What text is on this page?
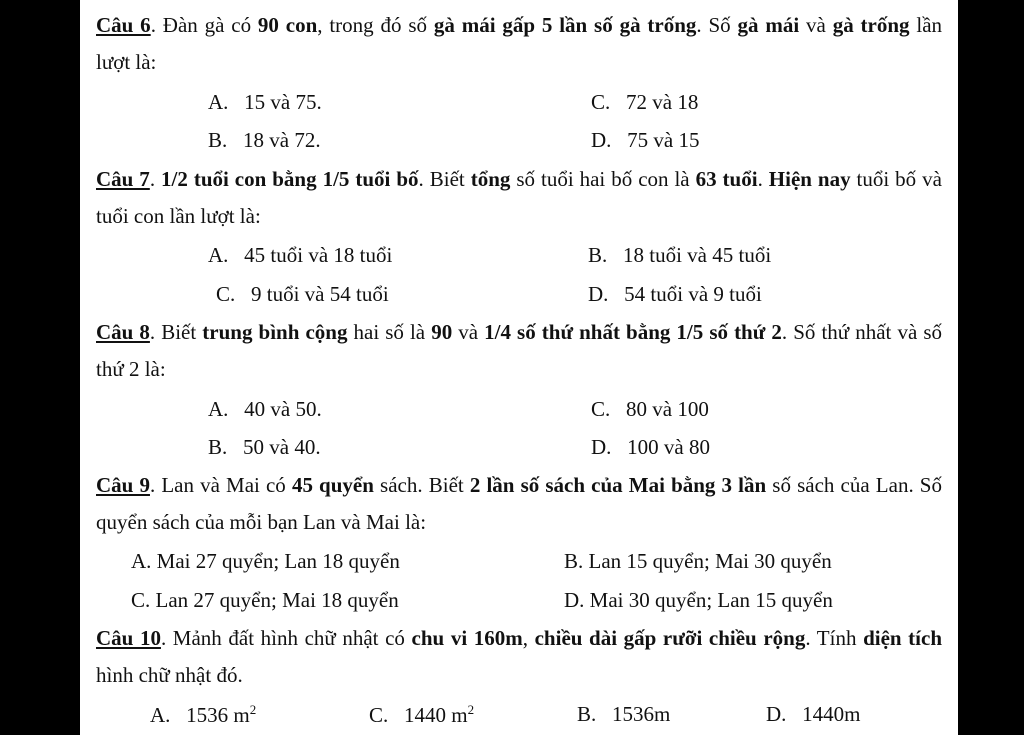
Câu 6. Đàn gà có 90 con, trong đó số gà mái gấp 5 lần số gà trống. Số gà mái và gà trống lần lượt là:
A. 15 và 75.	C. 72 và 18
B. 18 và 72.	D. 75 và 15
Câu 7. 1/2 tuổi con bằng 1/5 tuổi bố. Biết tổng số tuổi hai bố con là 63 tuổi. Hiện nay tuổi bố và tuổi con lần lượt là:
A. 45 tuổi và 18 tuổi	B. 18 tuổi và 45 tuổi
C. 9 tuổi và 54 tuổi	D. 54 tuổi và 9 tuổi
Câu 8. Biết trung bình cộng hai số là 90 và 1/4 số thứ nhất bằng 1/5 số thứ 2. Số thứ nhất và số thứ 2 là:
A. 40 và 50.	C. 80 và 100
B. 50 và 40.	D. 100 và 80
Câu 9. Lan và Mai có 45 quyển sách. Biết 2 lần số sách của Mai bằng 3 lần số sách của Lan. Số quyển sách của mỗi bạn Lan và Mai là:
A. Mai 27 quyển; Lan 18 quyển	B. Lan 15 quyển; Mai 30 quyển
C. Lan 27 quyển; Mai 18 quyển	D. Mai 30 quyển; Lan 15 quyển
Câu 10. Mảnh đất hình chữ nhật có chu vi 160m, chiều dài gấp rưỡi chiều rộng. Tính diện tích hình chữ nhật đó.
A. 1536 $m^2$	C. 1440 $m^2$	B. 1536m	D. 1440m
